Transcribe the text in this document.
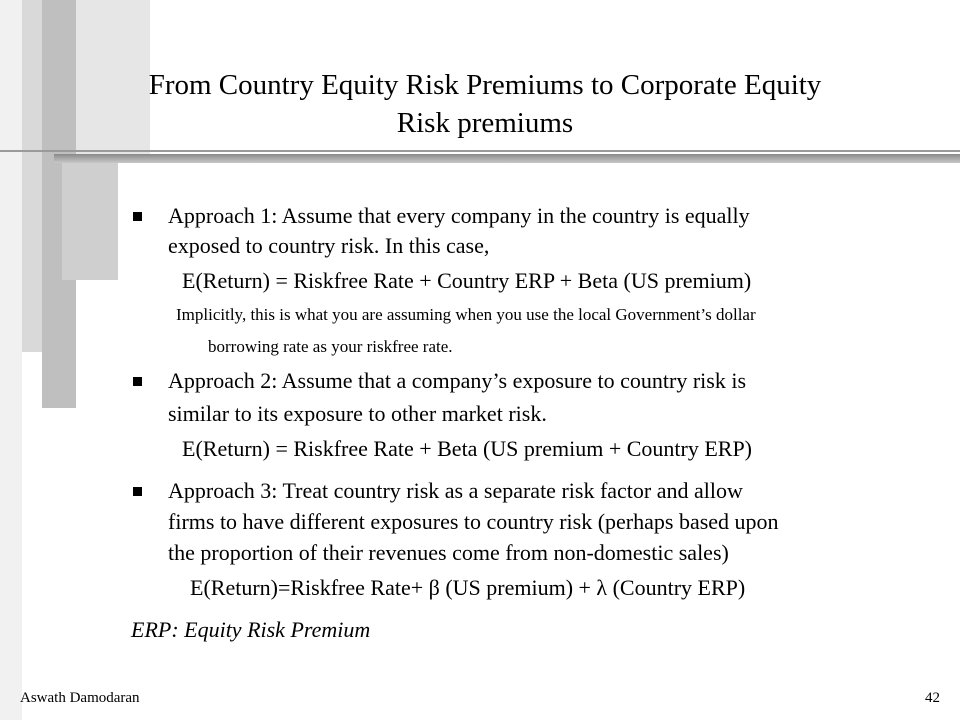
From Country Equity Risk Premiums to Corporate Equity
Risk premiums
Approach 1: Assume that every company in the country is equally
exposed to country risk. In this case,
E(Return) = Riskfree Rate + Country ERP + Beta (US premium)
Implicitly, this is what you are assuming when you use the local Government’s dollar
borrowing rate as your riskfree rate.
Approach 2: Assume that a company’s exposure to country risk is
similar to its exposure to other market risk.
E(Return) = Riskfree Rate + Beta (US premium + Country ERP)
Approach 3: Treat country risk as a separate risk factor and allow
firms to have different exposures to country risk (perhaps based upon
the proportion of their revenues come from non-domestic sales)
E(Return)=Riskfree Rate+ β (US premium) + λ (Country ERP)
ERP: Equity Risk Premium
Aswath Damodaran	42
